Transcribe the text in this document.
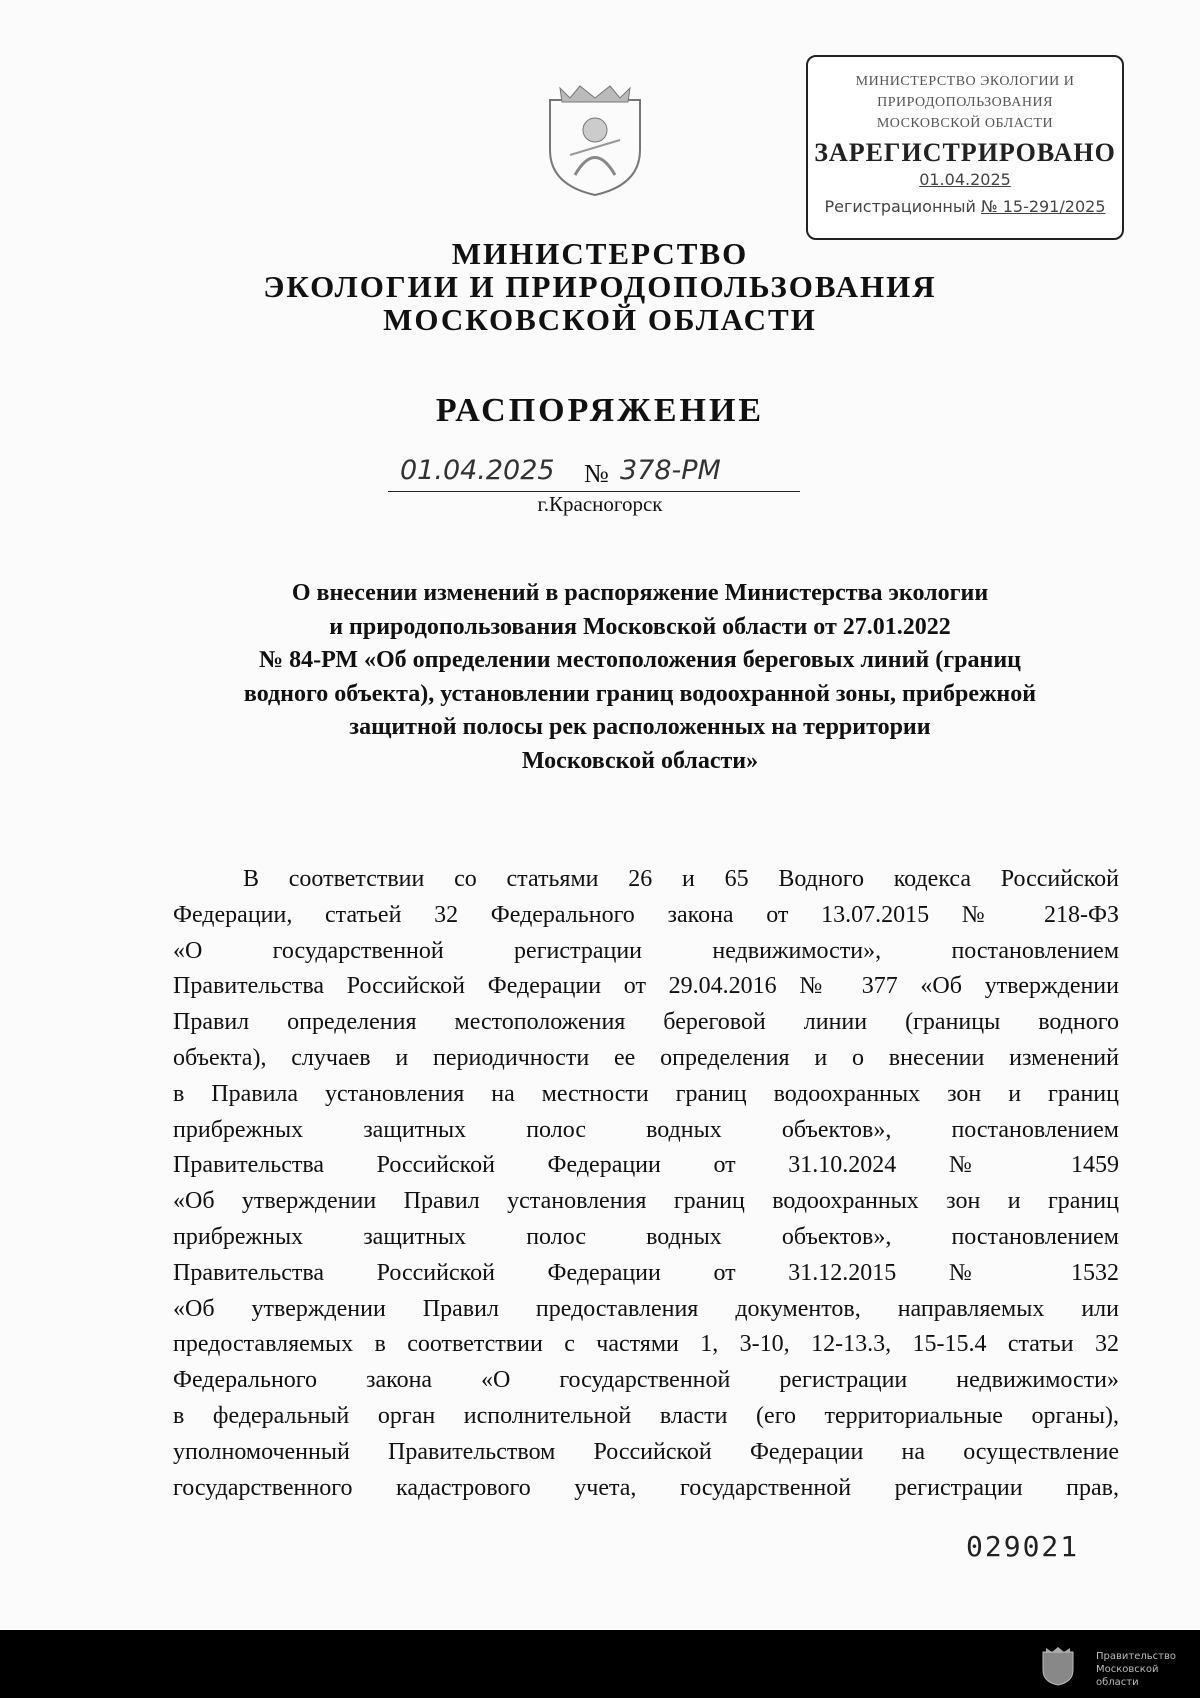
МИНИСТЕРСТВО ЭКОЛОГИИ И
ПРИРОДОПОЛЬЗОВАНИЯ
МОСКОВСКОЙ ОБЛАСТИ
ЗАРЕГИСТРИРОВАНО
01.04.2025
Регистрационный № 15-291/2025
МИНИСТЕРСТВО
ЭКОЛОГИИ И ПРИРОДОПОЛЬЗОВАНИЯ
МОСКОВСКОЙ ОБЛАСТИ
РАСПОРЯЖЕНИЕ
01.04.2025 № 378-РМ
г.Красногорск
О внесении изменений в распоряжение Министерства экологии
и природопользования Московской области от 27.01.2022
№ 84-РМ «Об определении местоположения береговых линий (границ
водного объекта), установлении границ водоохранной зоны, прибрежной
защитной полосы рек расположенных на территории
Московской области»
В соответствии со статьями 26 и 65 Водного кодекса Российской
Федерации, статьей 32 Федерального закона от 13.07.2015 № 218-ФЗ
«О государственной регистрации недвижимости», постановлением
Правительства Российской Федерации от 29.04.2016 № 377 «Об утверждении
Правил определения местоположения береговой линии (границы водного
объекта), случаев и периодичности ее определения и о внесении изменений
в Правила установления на местности границ водоохранных зон и границ
прибрежных защитных полос водных объектов», постановлением
Правительства Российской Федерации от 31.10.2024 № 1459
«Об утверждении Правил установления границ водоохранных зон и границ
прибрежных защитных полос водных объектов», постановлением
Правительства Российской Федерации от 31.12.2015 № 1532
«Об утверждении Правил предоставления документов, направляемых или
предоставляемых в соответствии с частями 1, 3-10, 12-13.3, 15-15.4 статьи 32
Федерального закона «О государственной регистрации недвижимости»
в федеральный орган исполнительной власти (его территориальные органы),
уполномоченный Правительством Российской Федерации на осуществление
государственного кадастрового учета, государственной регистрации прав,
029021
Правительство
Московской области
